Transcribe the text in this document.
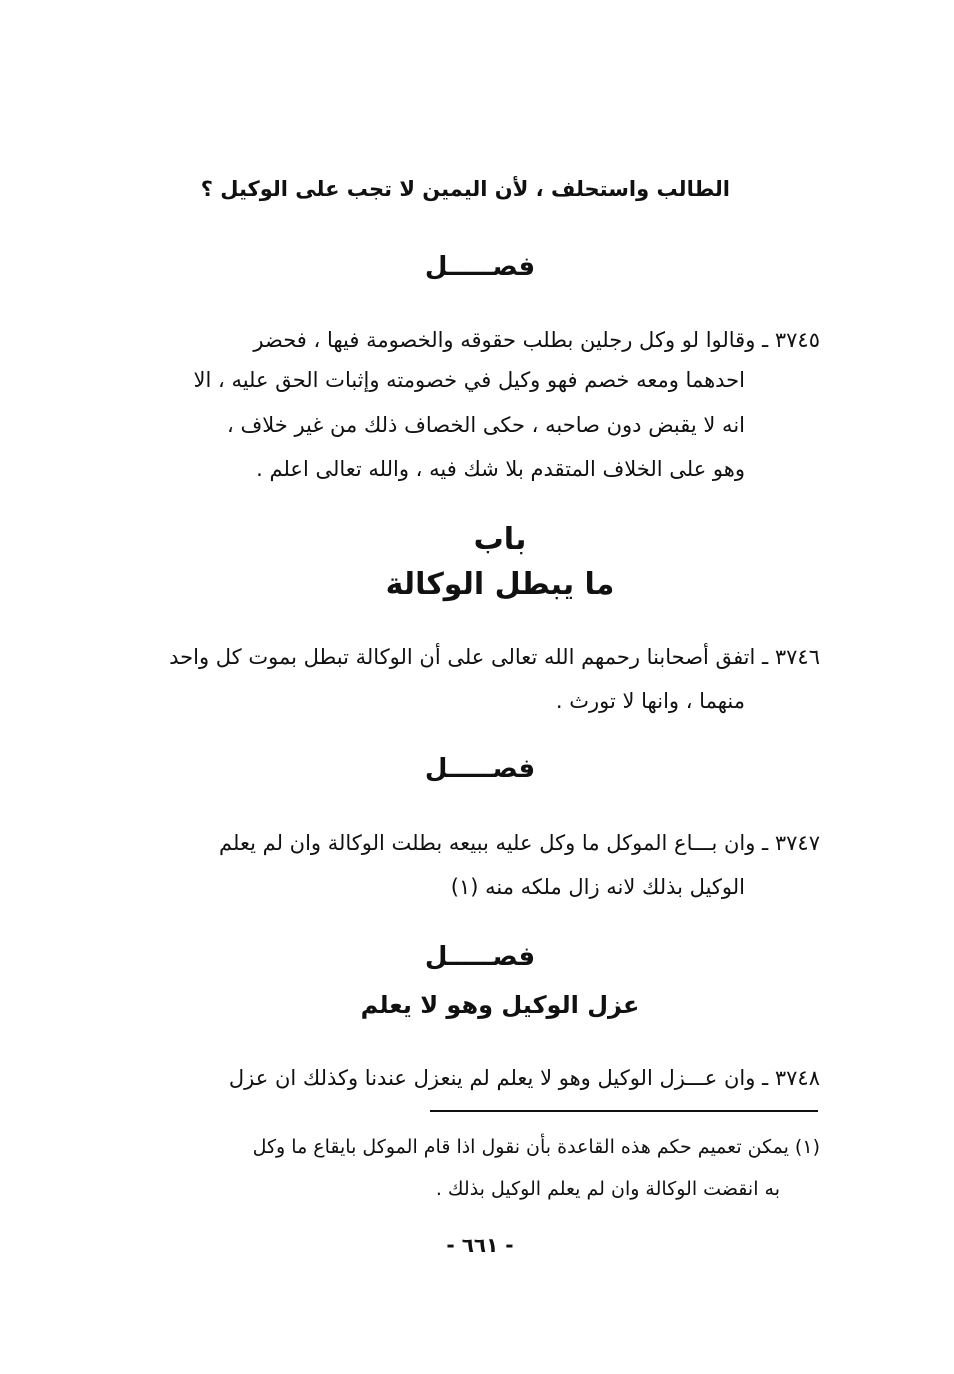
الطالب واستحلف ، لأن اليمين لا تجب على الوكيل ؟
فصـــــل
٣٧٤٥ ـ وقالوا لو وكل رجلين بطلب حقوقه والخصومة فيها ، فحضر
احدهما ومعه خصم فهو وكيل في خصومته وإثبات الحق عليه ، الا
انه لا يقبض دون صاحبه ، حكى الخصاف ذلك من غير خلاف ،
وهو على الخلاف المتقدم بلا شك فيه ، والله تعالى اعلم .
باب
ما يبطل الوكالة
٣٧٤٦ ـ اتفق أصحابنا رحمهم الله تعالى على أن الوكالة تبطل بموت كل واحد
منهما ، وانها لا تورث .
فصـــــل
٣٧٤٧ ـ وان بـــاع الموكل ما وكل عليه ببيعه بطلت الوكالة وان لم يعلم
الوكيل بذلك لانه زال ملكه منه (١)
فصـــــل
عزل الوكيل وهو لا يعلم
٣٧٤٨ ـ وان عـــزل الوكيل وهو لا يعلم لم ينعزل عندنا وكذلك ان عزل
(١) يمكن تعميم حكم هذه القاعدة بأن نقول اذا قام الموكل بايقاع ما وكل
به انقضت الوكالة وان لم يعلم الوكيل بذلك .
- ٦٦١ -
